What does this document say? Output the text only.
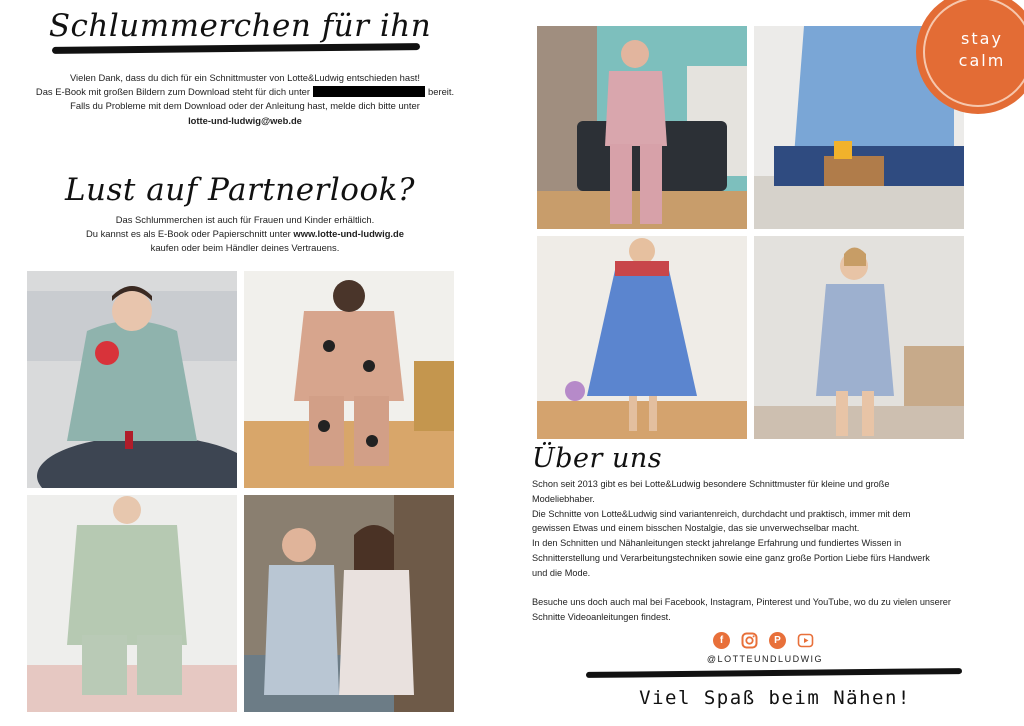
Schlummerchen für ihn
Vielen Dank, dass du dich für ein Schnittmuster von Lotte&Ludwig entschieden hast!
Das E-Book mit großen Bildern zum Download steht für dich unter	bereit.
Falls du Probleme mit dem Download oder der Anleitung hast, melde dich bitte unter
lotte-und-ludwig@web.de
Lust auf Partnerlook?
Das Schlummerchen ist auch für Frauen und Kinder erhältlich.
Du kannst es als E-Book oder Papierschnitt unter www.lotte-und-ludwig.de
kaufen oder beim Händler deines Vertrauens.
stay
calm
Über uns
Schon seit 2013 gibt es bei Lotte&Ludwig besondere Schnittmuster für kleine und große
Modeliebhaber.
Die Schnitte von Lotte&Ludwig sind variantenreich, durchdacht und praktisch, immer mit dem
gewissen Etwas und einem bisschen Nostalgie, das sie unverwechselbar macht.
In den Schnitten und Nähanleitungen steckt jahrelange Erfahrung und fundiertes Wissen in
Schnitterstellung und Verarbeitungstechniken sowie eine ganz große Portion Liebe fürs Handwerk
und die Mode.
Besuche uns doch auch mal bei Facebook, Instagram, Pinterest und YouTube, wo du zu vielen unserer
Schnitte Videoanleitungen findest.
f	P
@LOTTEUNDLUDWIG
Viel Spaß beim Nähen!
